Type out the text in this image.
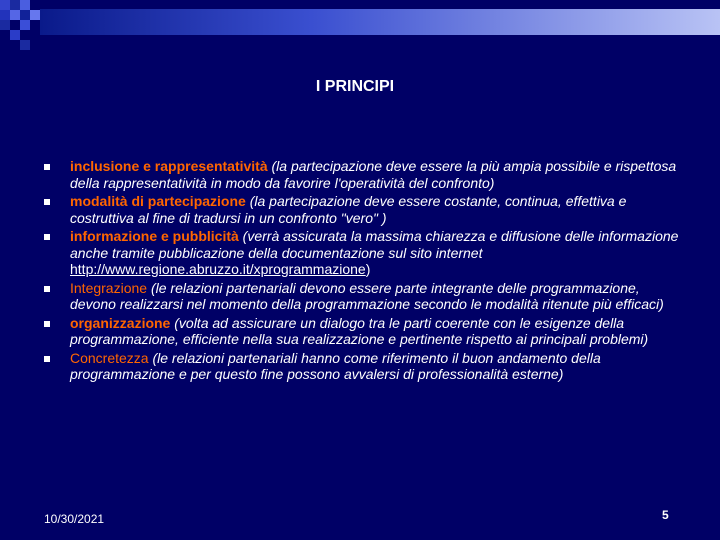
I PRINCIPI
inclusione e rappresentatività (la partecipazione deve essere la più ampia possibile e rispettosa della rappresentatività in modo da favorire l'operatività del confronto)
modalità di partecipazione (la partecipazione deve essere costante, continua, effettiva e costruttiva al fine di tradursi in un confronto "vero" )
informazione e pubblicità (verrà assicurata la massima chiarezza e diffusione delle informazione anche tramite pubblicazione della documentazione sul sito internet http://www.regione.abruzzo.it/xprogrammazione)
Integrazione (le relazioni partenariali devono essere parte integrante delle programmazione, devono realizzarsi nel momento della programmazione secondo le modalità ritenute più efficaci)
organizzazione (volta ad assicurare un dialogo tra le parti coerente con le esigenze della programmazione, efficiente nella sua realizzazione e pertinente rispetto ai principali problemi)
Concretezza (le relazioni partenariali hanno come riferimento il buon andamento della programmazione e per questo fine possono avvalersi di professionalità esterne)
10/30/2021	5
